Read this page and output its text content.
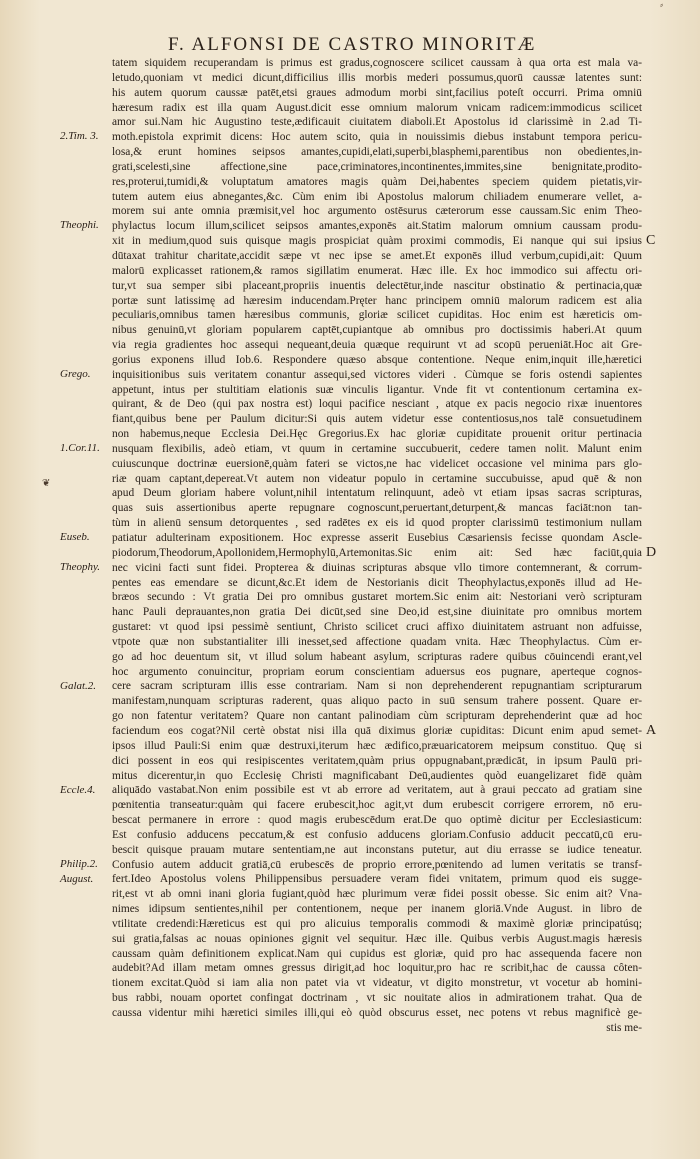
⸗
F. ALFONSI DE CASTRO MINORITÆ
tatem siquidem recuperandam is primus est gradus,cognoscere scilicet caussam à qua orta est mala va-
letudo,quoniam vt medici dicunt,difficilius illis morbis mederi possumus,quorū caussæ latentes sunt:
his autem quorum caussæ patēt,etsi graues admodum morbi sint,facilius poteſt occurri. Prima omniū
hæresum radix est illa quam August.dicit esse omnium malorum vnicam radicem:immodicus scilicet
amor sui.Nam hic Augustino teste,ædificauit ciuitatem diaboli.Et Apostolus id clarissimè in 2.ad Ti-
moth.epistola exprimit dicens: Hoc autem scito, quia in nouissimis diebus instabunt tempora pericu-
losa,& erunt homines seipsos amantes,cupidi,elati,superbi,blasphemi,parentibus non obedientes,in-
grati,scelesti,sine affectione,sine pace,criminatores,incontinentes,immites,sine benignitate,prodito-
res,proterui,tumidi,& voluptatum amatores magis quàm Dei,habentes speciem quidem pietatis,vir-
tutem autem eius abnegantes,&c. Cùm enim ibi Apostolus malorum chiliadem enumerare vellet, a-
morem sui ante omnia præmisit,vel hoc argumento ostēsurus cæterorum esse caussam.Sic enim Theo-
phylactus locum illum,scilicet seipsos amantes,exponēs ait.Statim malorum omnium caussam produ-
xit in medium,quod suis quisque magis prospiciat quàm proximi commodis, Ei nanque qui sui ipsius
dūtaxat trahitur charitate,accidit sæpe vt nec ipse se amet.Et exponēs illud verbum,cupidi,ait: Quum
malorū explicasset rationem,& ramos sigillatim enumerat. Hæc ille. Ex hoc immodico sui affectu ori-
tur,vt sua semper sibi placeant,propriis inuentis delectētur,inde nascitur obstinatio & pertinacia,quæ
portæ sunt latissimę ad hæresim inducendam.Pręter hanc principem omniū malorum radicem est alia
peculiaris,omnibus tamen hæresibus communis, gloriæ scilicet cupiditas. Hoc enim est hæreticis om-
nibus genuinū,vt gloriam popularem captēt,cupiantque ab omnibus pro doctissimis haberi.At quum
via regia gradientes hoc assequi nequeant,deuia quæque requirunt vt ad scopū perueniāt.Hoc ait Gre-
gorius exponens illud Iob.6. Respondere quæso absque contentione. Neque enim,inquit ille,hæretici
inquisitionibus suis veritatem conantur assequi,sed victores videri . Cùmque se foris ostendi sapientes
appetunt, intus per stultitiam elationis suæ vinculis ligantur. Vnde fit vt contentionum certamina ex-
quirant, & de Deo (qui pax nostra est) loqui pacifice nesciant , atque ex pacis negocio rixæ inuentores
fiant,quibus bene per Paulum dicitur:Si quis autem videtur esse contentiosus,nos talē consuetudinem
non habemus,neque Ecclesia Dei.Hęc Gregorius.Ex hac gloriæ cupiditate prouenit oritur pertinacia
nusquam flexibilis, adeò etiam, vt quum in certamine succubuerit, cedere tamen nolit. Malunt enim
cuiuscunque doctrinæ euersionē,quàm fateri se victos,ne hac videlicet occasione vel minima pars glo-
riæ quam captant,depereat.Vt autem non videatur populo in certamine succubuisse, apud quē & non
apud Deum gloriam habere volunt,nihil intentatum relinquunt, adeò vt etiam ipsas sacras scripturas,
quas suis assertionibus aperte repugnare cognoscunt,peruertant,deturpent,& mancas faciāt:non tan-
tùm in alienū sensum detorquentes , sed radētes ex eis id quod propter clarissimū testimonium nullam
patiatur adulterinam expositionem. Hoc expresse asserit Eusebius Cæsariensis fecisse quondam Ascle-
piodorum,Theodorum,Apollonidem,Hermophylū,Artemonitas.Sic enim ait: Sed hæc faciūt,quia
nec vicini facti sunt fidei. Propterea & diuinas scripturas absque vllo timore contemnerant, & corrum-
pentes eas emendare se dicunt,&c.Et idem de Nestorianis dicit Theophylactus,exponēs illud ad He-
bræos secundo : Vt gratia Dei pro omnibus gustaret mortem.Sic enim ait: Nestoriani verò scripturam
hanc Pauli deprauantes,non gratia Dei dicūt,sed sine Deo,id est,sine diuinitate pro omnibus mortem
gustaret: vt quod ipsi pessimè sentiunt, Christo scilicet cruci affixo diuinitatem astruant non adfuisse,
vtpote quæ non substantialiter illi inesset,sed affectione quadam vnita. Hæc Theophylactus. Cùm er-
go ad hoc deuentum sit, vt illud solum habeant asylum, scripturas radere quibus cōuincendi erant,vel
hoc argumento conuincitur, propriam eorum conscientiam aduersus eos pugnare, aperteque cognos-
cere sacram scripturam illis esse contrariam. Nam si non deprehenderent repugnantiam scripturarum
manifestam,nunquam scripturas raderent, quas aliquo pacto in suū sensum trahere possent. Quare er-
go non fatentur veritatem? Quare non cantant palinodiam cùm scripturam deprehenderint quæ ad hoc
faciendum eos cogat?Nil certè obstat nisi illa quā diximus gloriæ cupiditas: Dicunt enim apud semet-
ipsos illud Pauli:Si enim quæ destruxi,iterum hæc ædifico,præuaricatorem meipsum constituo. Quę si
dici possent in eos qui resipiscentes veritatem,quàm prius oppugnabant,prædicāt, in ipsum Paulū pri-
mitus dicerentur,in quo Ecclesię Christi magnificabant Deū,audientes quòd euangelizaret fidē quàm
aliquādo vastabat.Non enim possibile est vt ab errore ad veritatem, aut à graui peccato ad gratiam sine
pœnitentia transeatur:quàm qui facere erubescit,hoc agit,vt dum erubescit corrigere errorem, nō eru-
bescat permanere in errore : quod magis erubescēdum erat.De quo optimè dicitur per Ecclesiasticum:
Est confusio adducens peccatum,& est confusio adducens gloriam.Confusio adducit peccatū,cū eru-
bescit quisque prauam mutare sententiam,ne aut inconstans putetur, aut diu errasse se iudice teneatur.
Confusio autem adducit gratiā,cū erubescēs de proprio errore,pœnitendo ad lumen veritatis se transf-
fert.Ideo Apostolus volens Philippensibus persuadere veram fidei vnitatem, primum quod eis sugge-
rit,est vt ab omni inani gloria fugiant,quòd hæc plurimum veræ fidei possit obesse. Sic enim ait? Vna-
nimes idipsum sentientes,nihil per contentionem, neque per inanem gloriā.Vnde August. in libro de
vtilitate credendi:Hæreticus est qui pro alicuius temporalis commodi & maximè gloriæ principatúsq;
sui gratia,falsas ac nouas opiniones gignit vel sequitur. Hæc ille. Quibus verbis August.magis hæresis
caussam quàm definitionem explicat.Nam qui cupidus est gloriæ, quid pro hac assequenda facere non
audebit?Ad illam metam omnes gressus dirigit,ad hoc loquitur,pro hac re scribit,hac de caussa côten-
tionem excitat.Quòd si iam alia non patet via vt videatur, vt digito monstretur, vt vocetur ab homini-
bus rabbi, nouam oportet confingat doctrinam , vt sic nouitate alios in admirationem trahat. Qua de
caussa videntur mihi hæretici similes illi,qui eò quòd obscurus esset, nec potens vt rebus magnificè ge-
stis me-
2.Tim. 3.
Theophi.
Grego.
1.Cor.11.
Euseb.
Theophy.
Galat.2.
Eccle.4.
Philip.2.
August.
C
D
A
❦
